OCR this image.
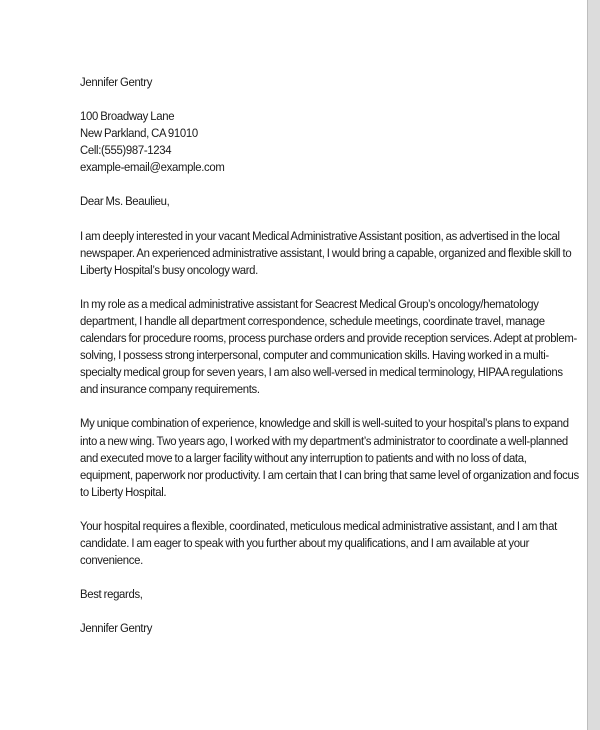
Jennifer Gentry
100 Broadway Lane
New Parkland, CA 91010
Cell:(555)987-1234
example-email@example.com
Dear Ms. Beaulieu,
I am deeply interested in your vacant Medical Administrative Assistant position, as advertised in the local
newspaper. An experienced administrative assistant, I would bring a capable, organized and flexible skill to
Liberty Hospital’s busy oncology ward.
In my role as a medical administrative assistant for Seacrest Medical Group’s oncology/hematology
department, I handle all department correspondence, schedule meetings, coordinate travel, manage
calendars for procedure rooms, process purchase orders and provide reception services. Adept at problem-
solving, I possess strong interpersonal, computer and communication skills. Having worked in a multi-
specialty medical group for seven years, I am also well-versed in medical terminology, HIPAA regulations
and insurance company requirements.
My unique combination of experience, knowledge and skill is well-suited to your hospital’s plans to expand
into a new wing. Two years ago, I worked with my department’s administrator to coordinate a well-planned
and executed move to a larger facility without any interruption to patients and with no loss of data,
equipment, paperwork nor productivity. I am certain that I can bring that same level of organization and focus
to Liberty Hospital.
Your hospital requires a flexible, coordinated, meticulous medical administrative assistant, and I am that
candidate. I am eager to speak with you further about my qualifications, and I am available at your
convenience.
Best regards,
Jennifer Gentry
